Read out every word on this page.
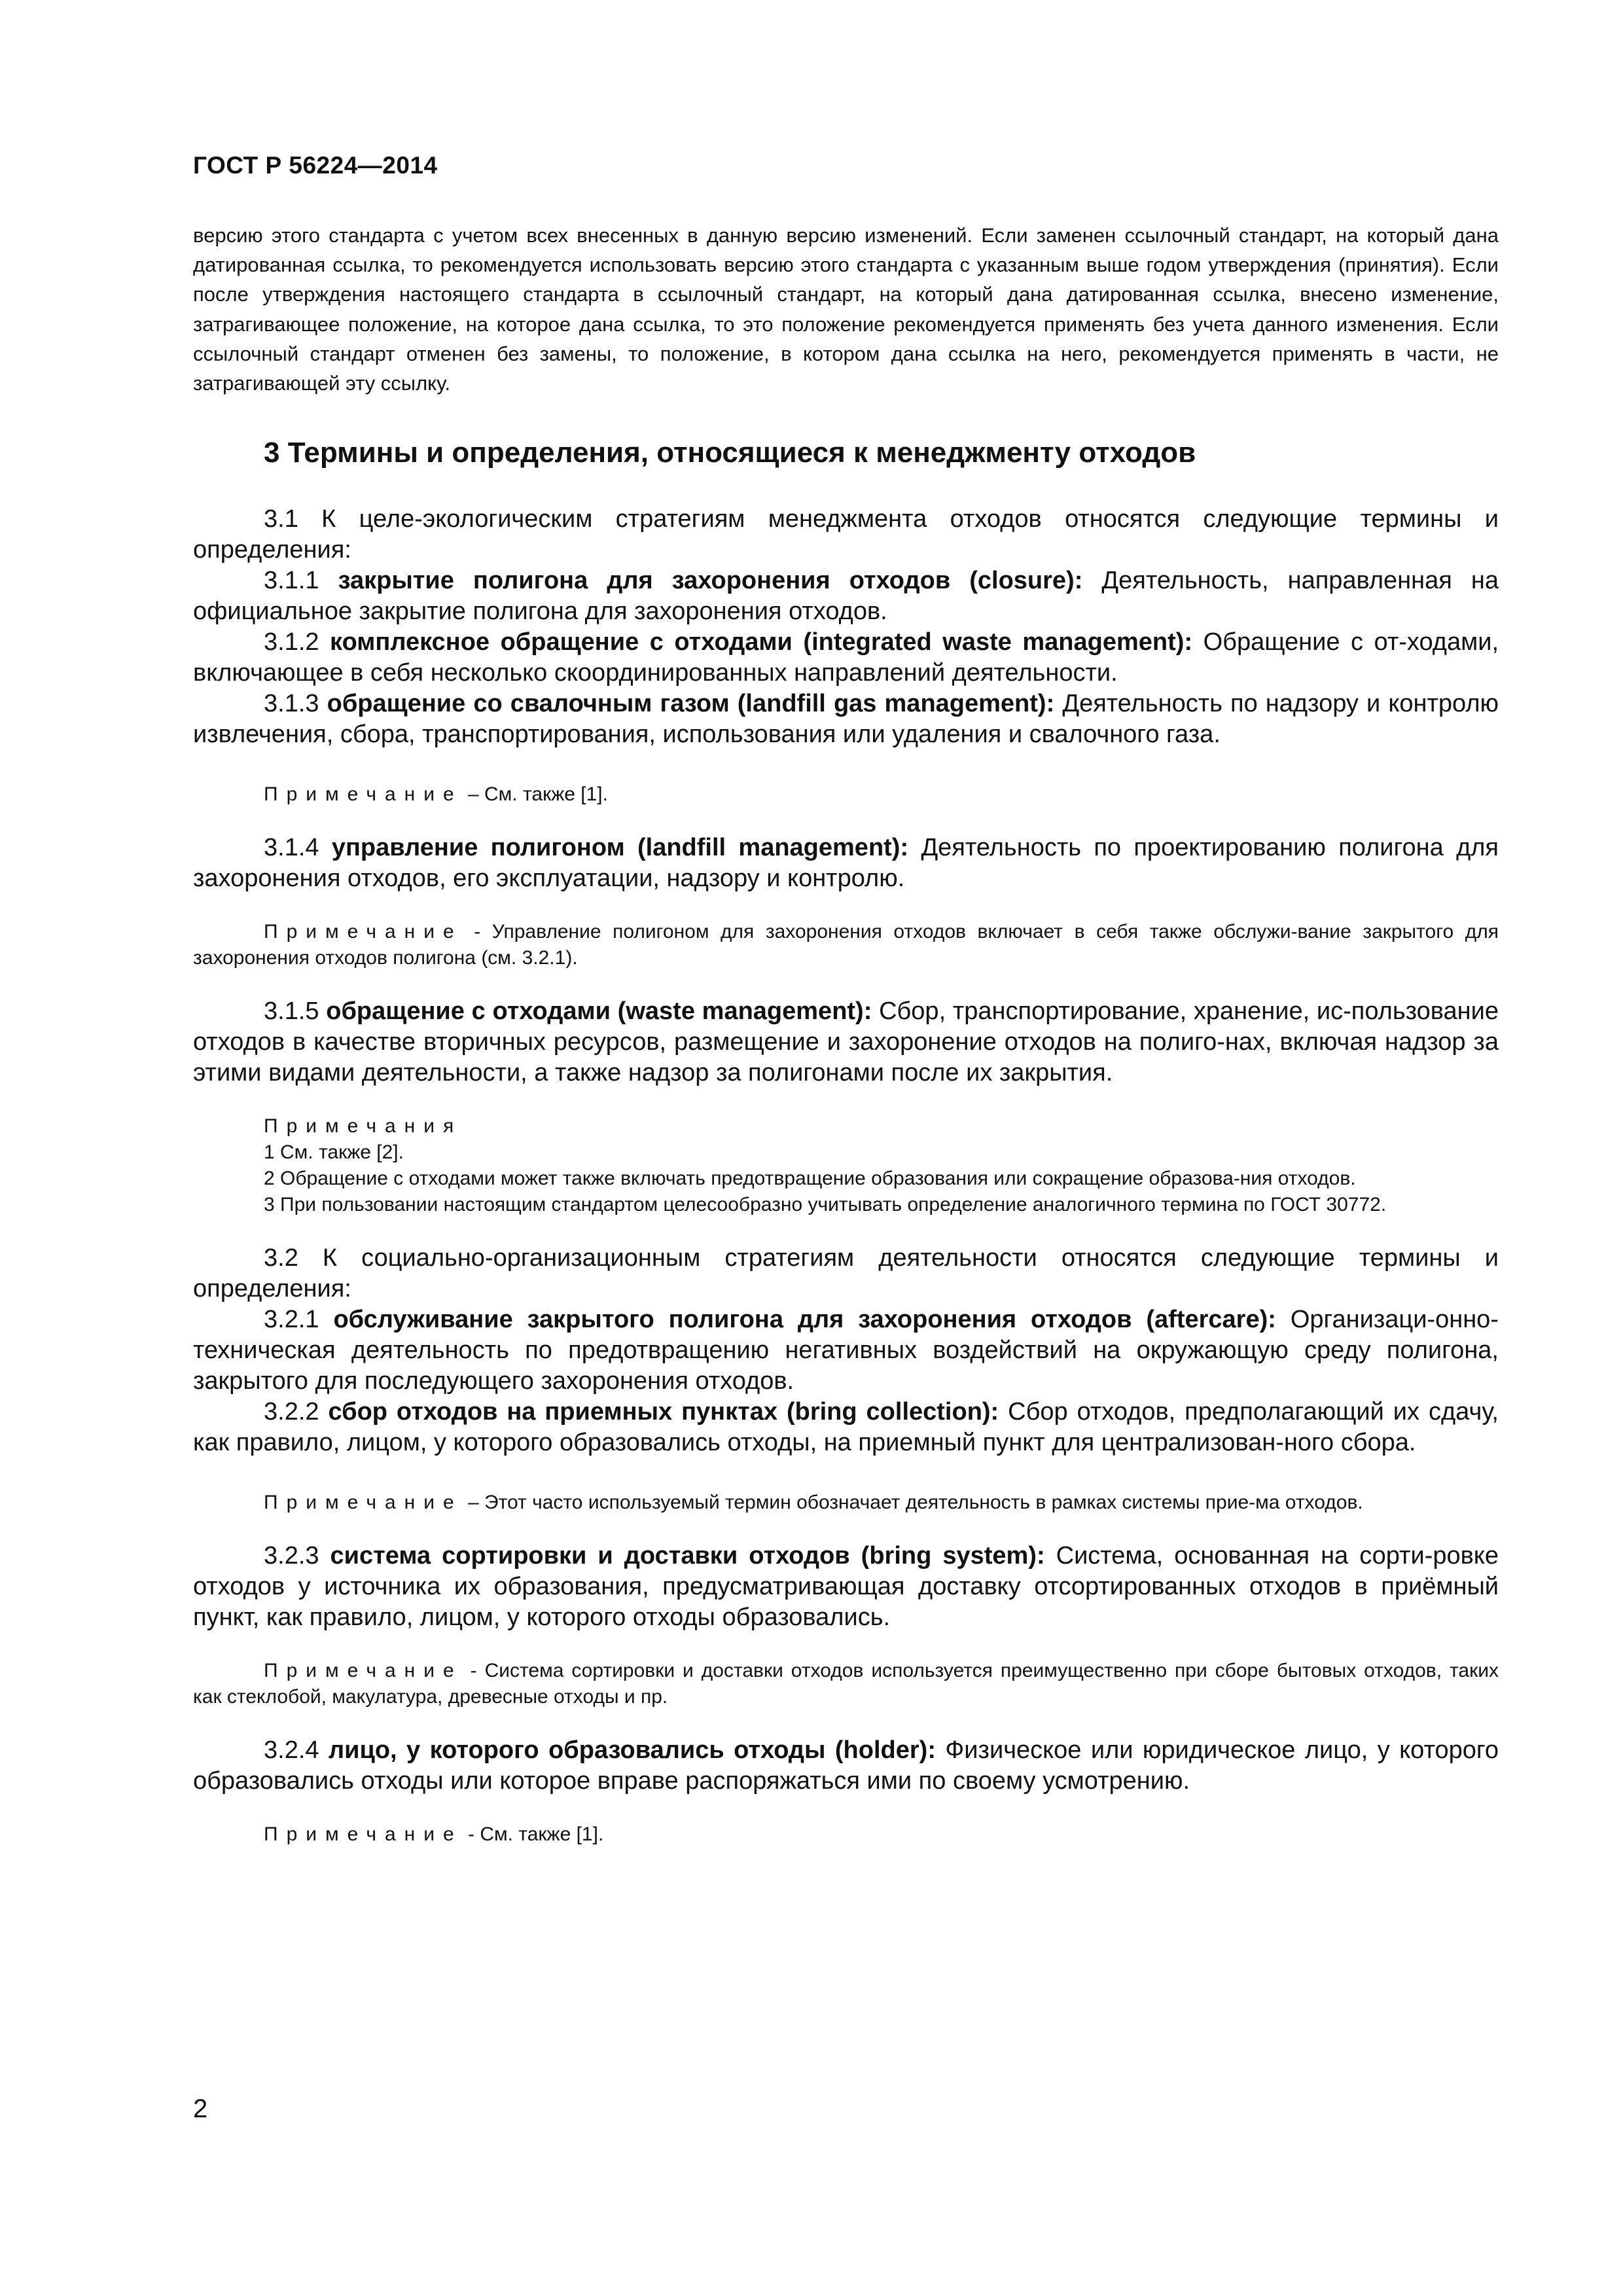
ГОСТ Р 56224—2014

версию этого стандарта с учетом всех внесенных в данную версию изменений. Если заменен ссылочный стандарт, на который дана датированная ссылка, то рекомендуется использовать версию этого стандарта с указанным выше годом утверждения (принятия). Если после утверждения настоящего стандарта в ссылочный стандарт, на который дана датированная ссылка, внесено изменение, затрагивающее положение, на которое дана ссылка, то это положение рекомендуется применять без учета данного изменения. Если ссылочный стандарт отменен без замены, то положение, в котором дана ссылка на него, рекомендуется применять в части, не затрагивающей эту ссылку.

3 Термины и определения, относящиеся к менеджменту отходов

3.1 К целе-экологическим стратегиям менеджмента отходов относятся следующие термины и определения:

3.1.1 закрытие полигона для захоронения отходов (closure): Деятельность, направленная на официальное закрытие полигона для захоронения отходов.

3.1.2 комплексное обращение с отходами (integrated waste management): Обращение с от-ходами, включающее в себя несколько скоординированных направлений деятельности.

3.1.3 обращение со свалочным газом (landfill gas management): Деятельность по надзору и контролю извлечения, сбора, транспортирования, использования или удаления и свалочного газа.

Примечание – См. также [1].

3.1.4 управление полигоном (landfill management): Деятельность по проектированию полигона для захоронения отходов, его эксплуатации, надзору и контролю.

Примечание - Управление полигоном для захоронения отходов включает в себя также обслужи-вание закрытого для захоронения отходов полигона (см. 3.2.1).

3.1.5 обращение с отходами (waste management): Сбор, транспортирование, хранение, ис-пользование отходов в качестве вторичных ресурсов, размещение и захоронение отходов на полиго-нах, включая надзор за этими видами деятельности, а также надзор за полигонами после их закрытия.

Примечания

1 См. также [2].

2 Обращение с отходами может также включать предотвращение образования или сокращение образова-ния отходов.

3 При пользовании настоящим стандартом целесообразно учитывать определение аналогичного термина по ГОСТ 30772.

3.2 К социально-организационным стратегиям деятельности относятся следующие термины и определения:

3.2.1 обслуживание закрытого полигона для захоронения отходов (aftercare): Организаци-онно-техническая деятельность по предотвращению негативных воздействий на окружающую среду полигона, закрытого для последующего захоронения отходов.

3.2.2 сбор отходов на приемных пунктах (bring collection): Сбор отходов, предполагающий их сдачу, как правило, лицом, у которого образовались отходы, на приемный пункт для централизован-ного сбора.

Примечание – Этот часто используемый термин обозначает деятельность в рамках системы прие-ма отходов.

3.2.3 система сортировки и доставки отходов (bring system): Система, основанная на сорти-ровке отходов у источника их образования, предусматривающая доставку отсортированных отходов в приёмный пункт, как правило, лицом, у которого отходы образовались.

Примечание - Система сортировки и доставки отходов используется преимущественно при сборе бытовых отходов, таких как стеклобой, макулатура, древесные отходы и пр.

3.2.4 лицо, у которого образовались отходы (holder): Физическое или юридическое лицо, у которого образовались отходы или которое вправе распоряжаться ими по своему усмотрению.

Примечание - См. также [1].

2
